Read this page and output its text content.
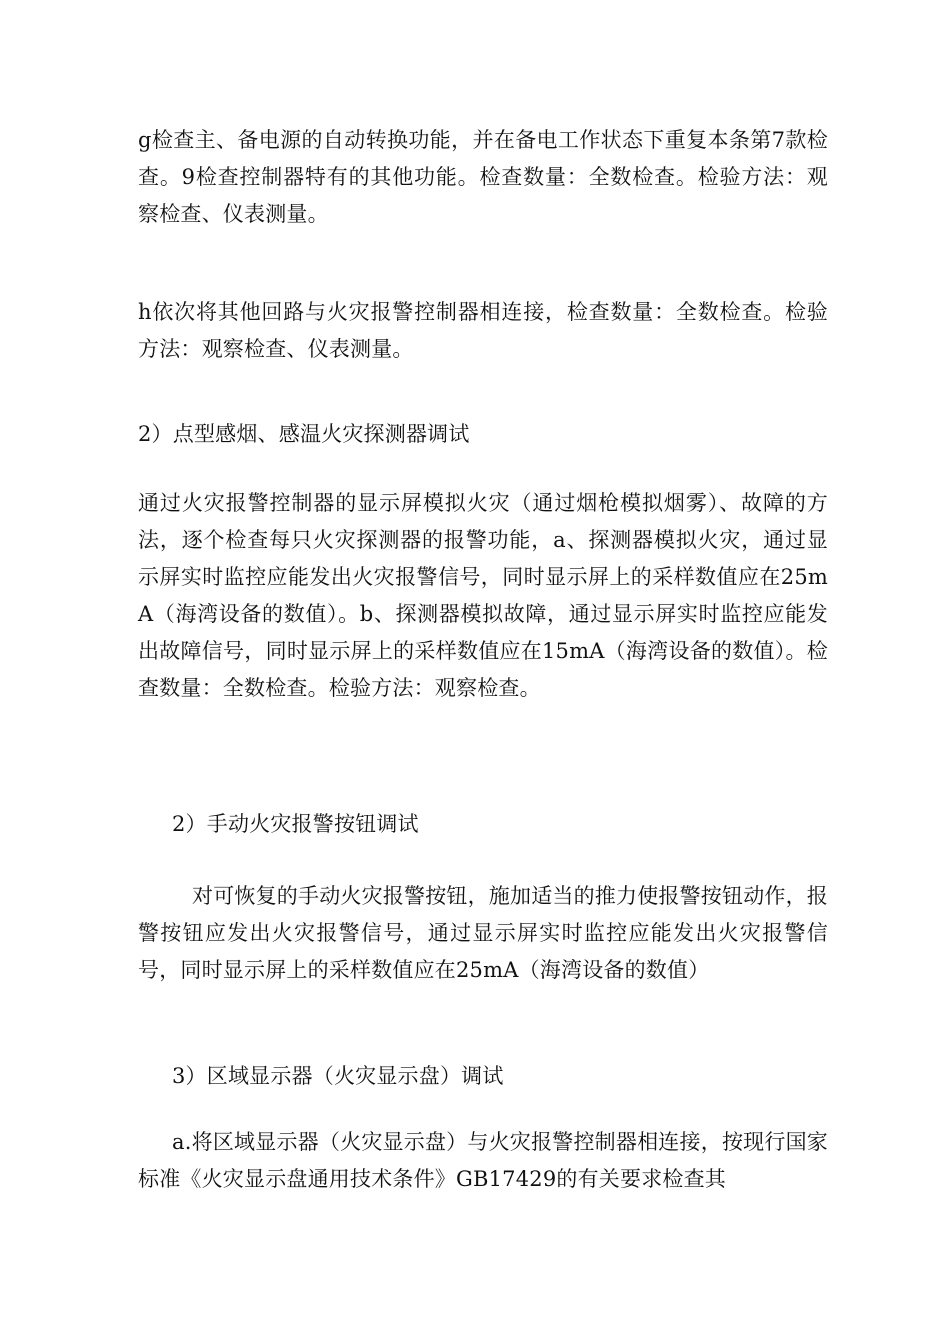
g检查主、备电源的自动转换功能，并在备电工作状态下重复本条第7款检查。9检查控制器特有的其他功能。检查数量：全数检查。检验方法：观察检查、仪表测量。

h依次将其他回路与火灾报警控制器相连接，检查数量：全数检查。检验方法：观察检查、仪表测量。

2）点型感烟、感温火灾探测器调试

通过火灾报警控制器的显示屏模拟火灾（通过烟枪模拟烟雾）、故障的方法，逐个检查每只火灾探测器的报警功能，a、探测器模拟火灾，通过显示屏实时监控应能发出火灾报警信号，同时显示屏上的采样数值应在25mA（海湾设备的数值）。b、探测器模拟故障，通过显示屏实时监控应能发出故障信号，同时显示屏上的采样数值应在15mA（海湾设备的数值）。检查数量：全数检查。检验方法：观察检查。

2）手动火灾报警按钮调试

对可恢复的手动火灾报警按钮，施加适当的推力使报警按钮动作，报警按钮应发出火灾报警信号，通过显示屏实时监控应能发出火灾报警信号，同时显示屏上的采样数值应在25mA（海湾设备的数值）

3）区域显示器（火灾显示盘）调试

a.将区域显示器（火灾显示盘）与火灾报警控制器相连接，按现行国家标准《火灾显示盘通用技术条件》GB17429的有关要求检查其
